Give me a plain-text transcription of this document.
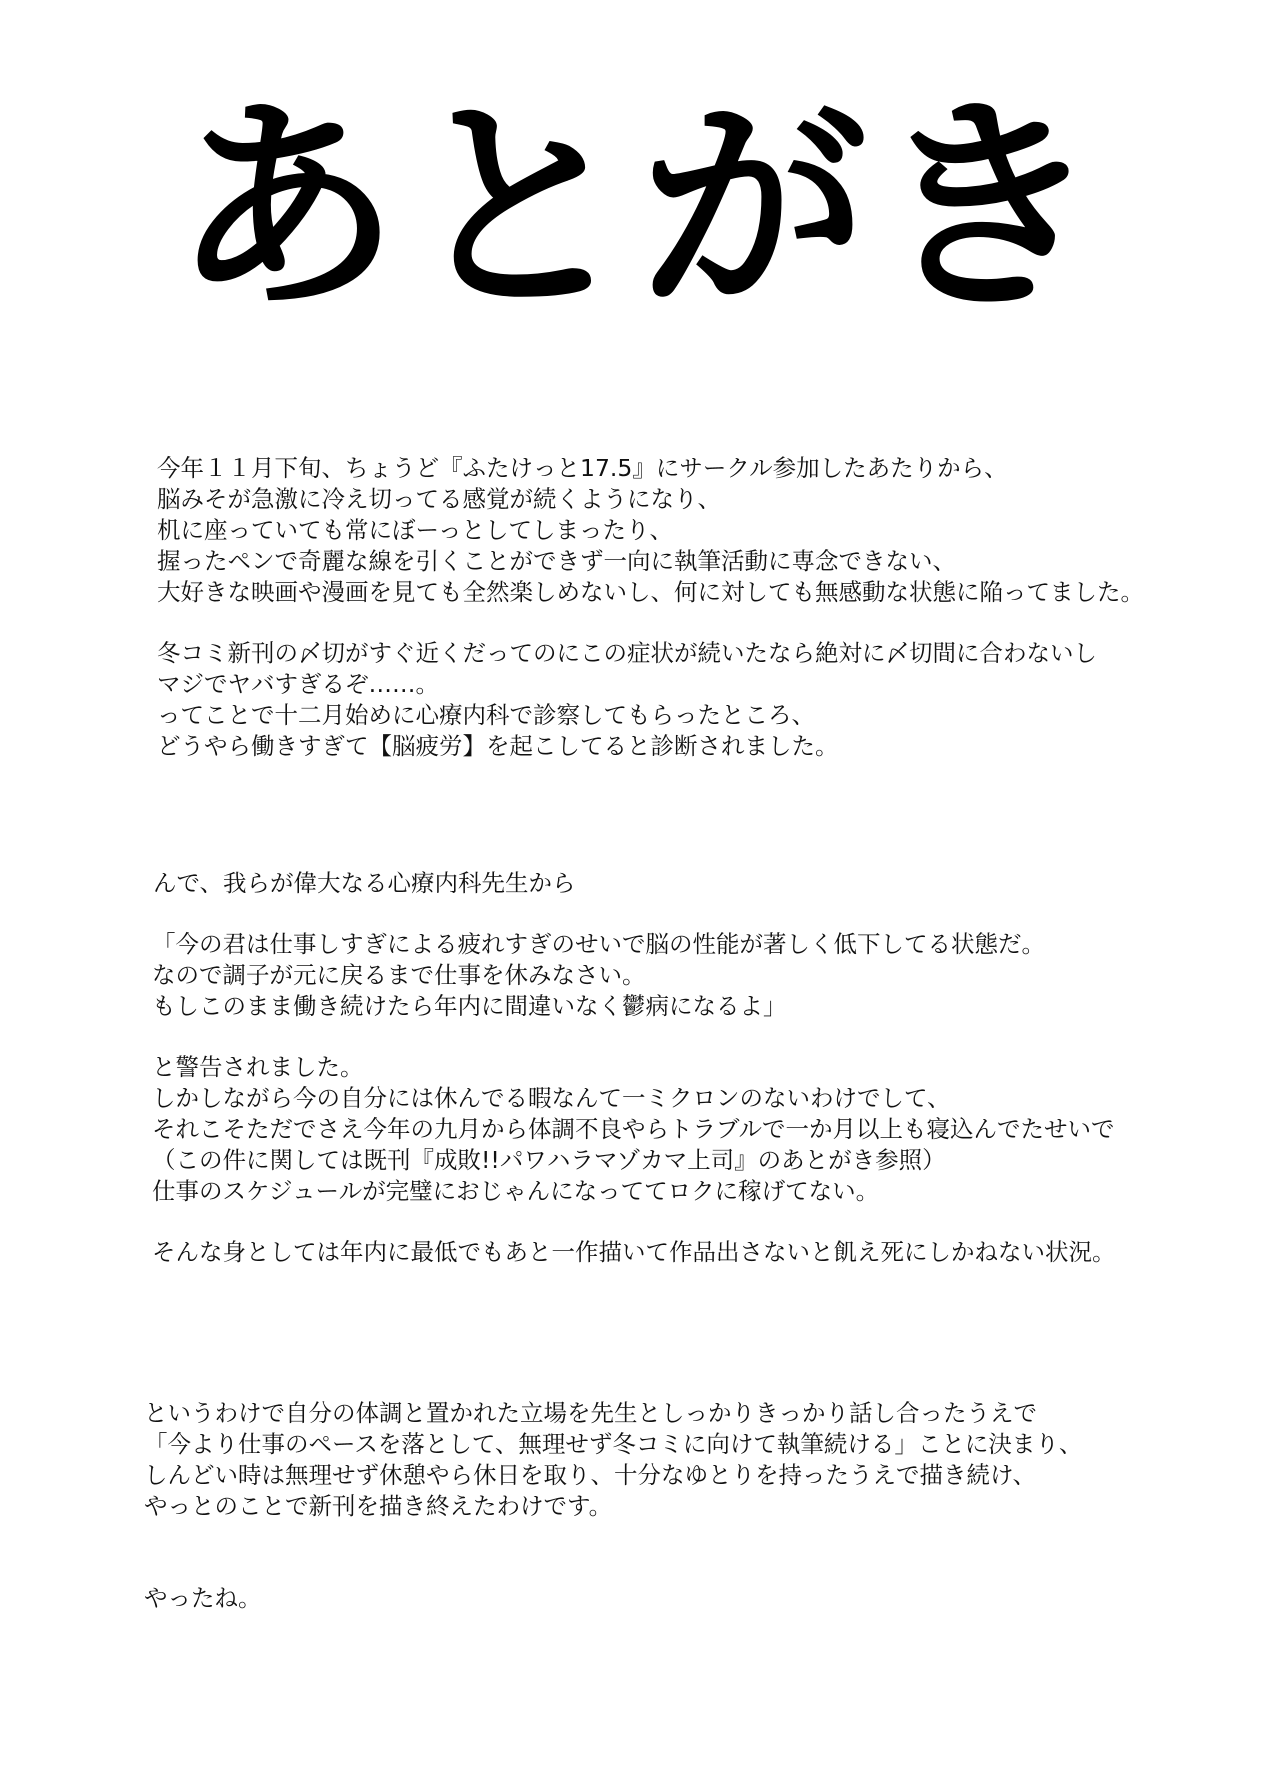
あとがき
今年１１月下旬、ちょうど『ふたけっと17.5』にサークル参加したあたりから、
脳みそが急激に冷え切ってる感覚が続くようになり、
机に座っていても常にぼーっとしてしまったり、
握ったペンで奇麗な線を引くことができず一向に執筆活動に専念できない、
大好きな映画や漫画を見ても全然楽しめないし、何に対しても無感動な状態に陥ってました。
冬コミ新刊の〆切がすぐ近くだってのにこの症状が続いたなら絶対に〆切間に合わないし
マジでヤバすぎるぞ……。
ってことで十二月始めに心療内科で診察してもらったところ、
どうやら働きすぎて【脳疲労】を起こしてると診断されました。
んで、我らが偉大なる心療内科先生から
「今の君は仕事しすぎによる疲れすぎのせいで脳の性能が著しく低下してる状態だ。
なので調子が元に戻るまで仕事を休みなさい。
もしこのまま働き続けたら年内に間違いなく鬱病になるよ」
と警告されました。
しかしながら今の自分には休んでる暇なんて一ミクロンのないわけでして、
それこそただでさえ今年の九月から体調不良やらトラブルで一か月以上も寝込んでたせいで
（この件に関しては既刊『成敗!!パワハラマゾカマ上司』のあとがき参照）
仕事のスケジュールが完璧におじゃんになっててロクに稼げてない。
そんな身としては年内に最低でもあと一作描いて作品出さないと飢え死にしかねない状況。
というわけで自分の体調と置かれた立場を先生としっかりきっかり話し合ったうえで
「今より仕事のペースを落として、無理せず冬コミに向けて執筆続ける」ことに決まり、
しんどい時は無理せず休憩やら休日を取り、十分なゆとりを持ったうえで描き続け、
やっとのことで新刊を描き終えたわけです。
やったね。
